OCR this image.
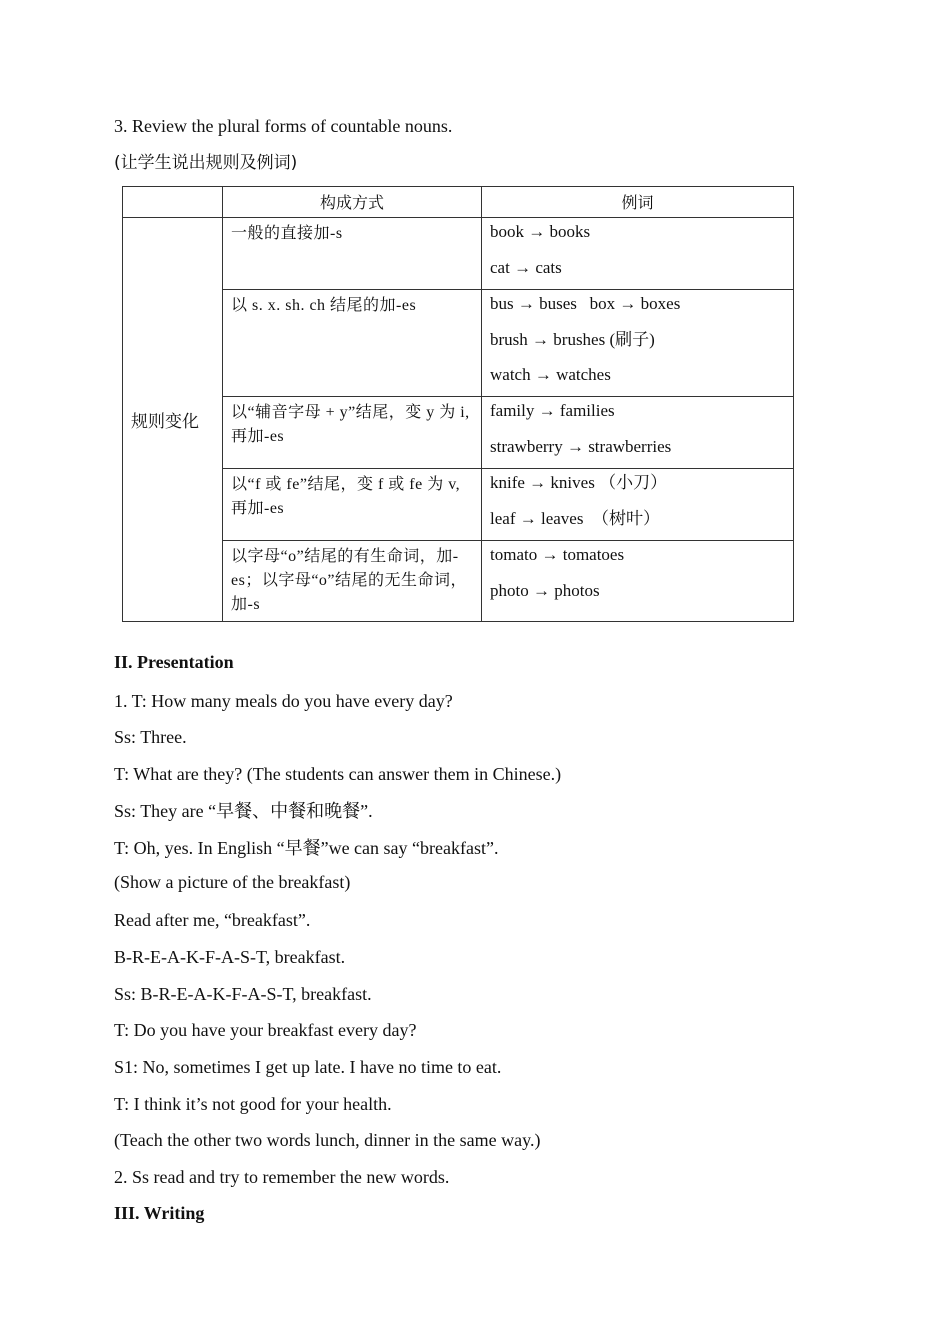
3. Review the plural forms of countable nouns.
(让学生说出规则及例词)
	构成方式	例词
规则变化	一般的直接加-s	book → books
cat → cats

	以 s. x. sh. ch 结尾的加-es	bus → buses   box → boxes
brush → brushes (刷子)
watch → watches

	以“辅音字母 + y”结尾，变 y 为 i, 再加-es	family → families
strawberry → strawberries

	以“f 或 fe”结尾，变 f 或 fe 为 v, 再加-es	knife → knives （小刀）
leaf → leaves  （树叶）

	以字母“o”结尾的有生命词，加-es；以字母“o”结尾的无生命词，加-s	tomato → tomatoes
photo → photos
II. Presentation
1. T: How many meals do you have every day?
Ss: Three.
T: What are they? (The students can answer them in Chinese.)
Ss: They are “早餐、中餐和晚餐”.
T: Oh, yes. In English “早餐”we can say “breakfast”.
(Show a picture of the breakfast)
Read after me, “breakfast”.
B-R-E-A-K-F-A-S-T, breakfast.
Ss: B-R-E-A-K-F-A-S-T, breakfast.
T: Do you have your breakfast every day?
S1: No, sometimes I get up late. I have no time to eat.
T: I think it’s not good for your health.
(Teach the other two words lunch, dinner in the same way.)
2. Ss read and try to remember the new words.
III. Writing
